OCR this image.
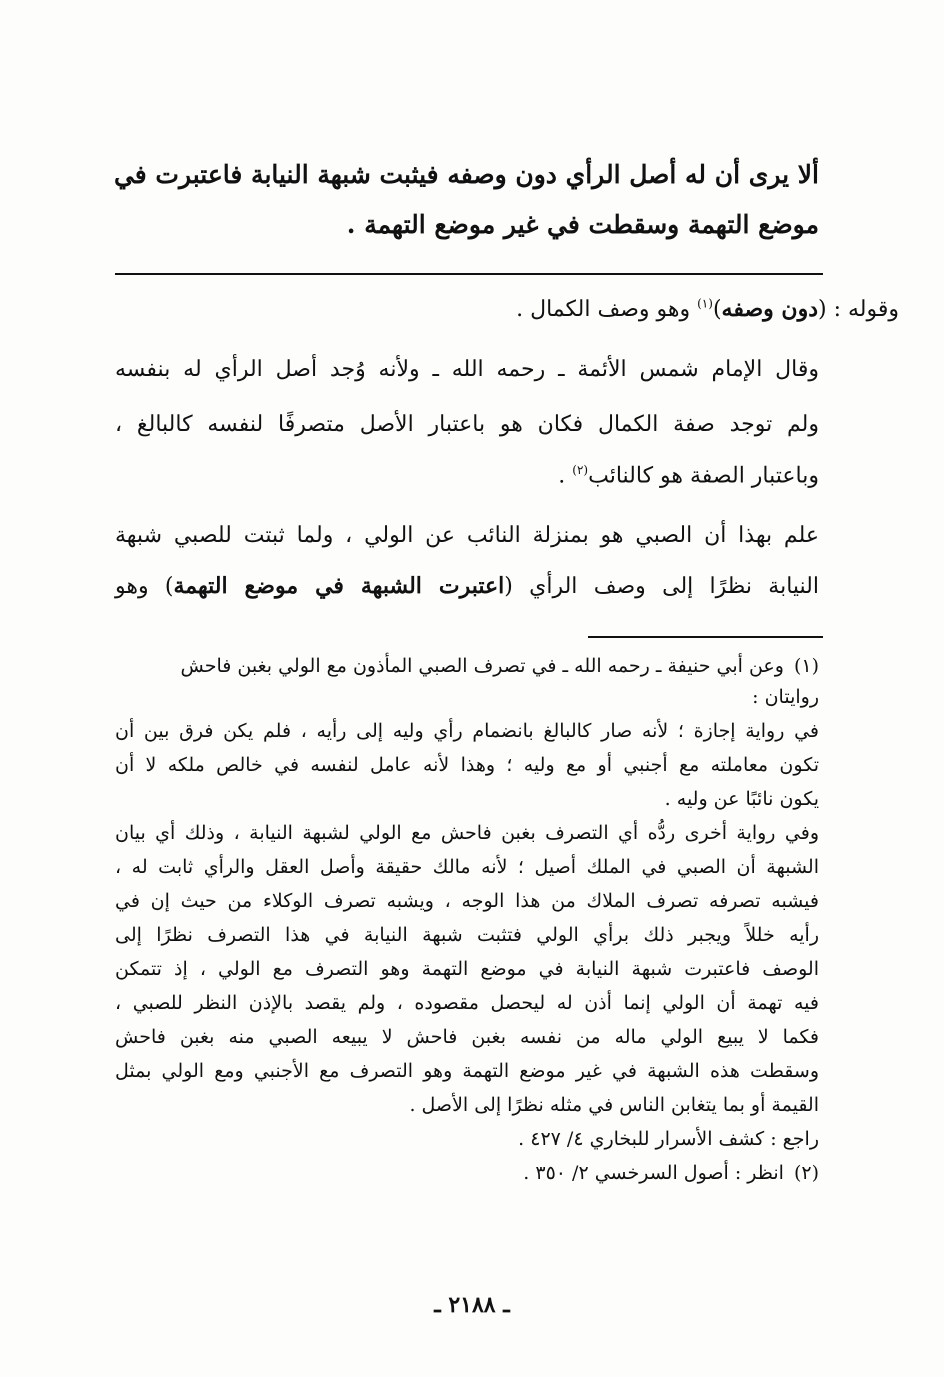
ألا يرى أن له أصل الرأي دون وصفه فيثبت شبهة النيابة فاعتبرت في

موضع التهمة وسقطت في غير موضع التهمة .

وقوله : (دون وصفه)$^{(١)}$ وهو وصف الكمال .

وقال الإمام شمس الأئمة ـ رحمه الله ـ ولأنه وُجد أصل الرأي له بنفسه

ولم توجد صفة الكمال فكان هو باعتبار الأصل متصرفًا لنفسه كالبالغ ،

وباعتبار الصفة هو كالنائب$^{(٢)}$ .

علم بهذا أن الصبي هو بمنزلة النائب عن الولي ، ولما ثبتت للصبي شبهة

النيابة نظرًا إلى وصف الرأي (اعتبرت الشبهة في موضع التهمة) وهو

(١)وعن أبي حنيفة ـ رحمه الله ـ في تصرف الصبي المأذون مع الولي بغبن فاحش

روايتان :

في رواية إجازة ؛ لأنه صار كالبالغ بانضمام رأي وليه إلى رأيه ، فلم يكن فرق بين أن

تكون معاملته مع أجنبي أو مع وليه ؛ وهذا لأنه عامل لنفسه في خالص ملكه لا أن

يكون نائبًا عن وليه .

وفي رواية أخرى ردُّه أي التصرف بغبن فاحش مع الولي لشبهة النيابة ، وذلك أي بيان

الشبهة أن الصبي في الملك أصيل ؛ لأنه مالك حقيقة وأصل العقل والرأي ثابت له ،

فيشبه تصرفه تصرف الملاك من هذا الوجه ، ويشبه تصرف الوكلاء من حيث إن في

رأيه خللاً ويجبر ذلك برأي الولي فتثبت شبهة النيابة في هذا التصرف نظرًا إلى

الوصف فاعتبرت شبهة النيابة في موضع التهمة وهو التصرف مع الولي ، إذ تتمكن

فيه تهمة أن الولي إنما أذن له ليحصل مقصوده ، ولم يقصد بالإذن النظر للصبي ،

فكما لا يبيع الولي ماله من نفسه بغبن فاحش لا يبيعه الصبي منه بغبن فاحش

وسقطت هذه الشبهة في غير موضع التهمة وهو التصرف مع الأجنبي ومع الولي بمثل

القيمة أو بما يتغابن الناس في مثله نظرًا إلى الأصل .

راجع : كشف الأسرار للبخاري ٤/ ٤٢٧ .

(٢)انظر : أصول السرخسي ٢/ ٣٥٠ .

ـ ٢١٨٨ ـ
